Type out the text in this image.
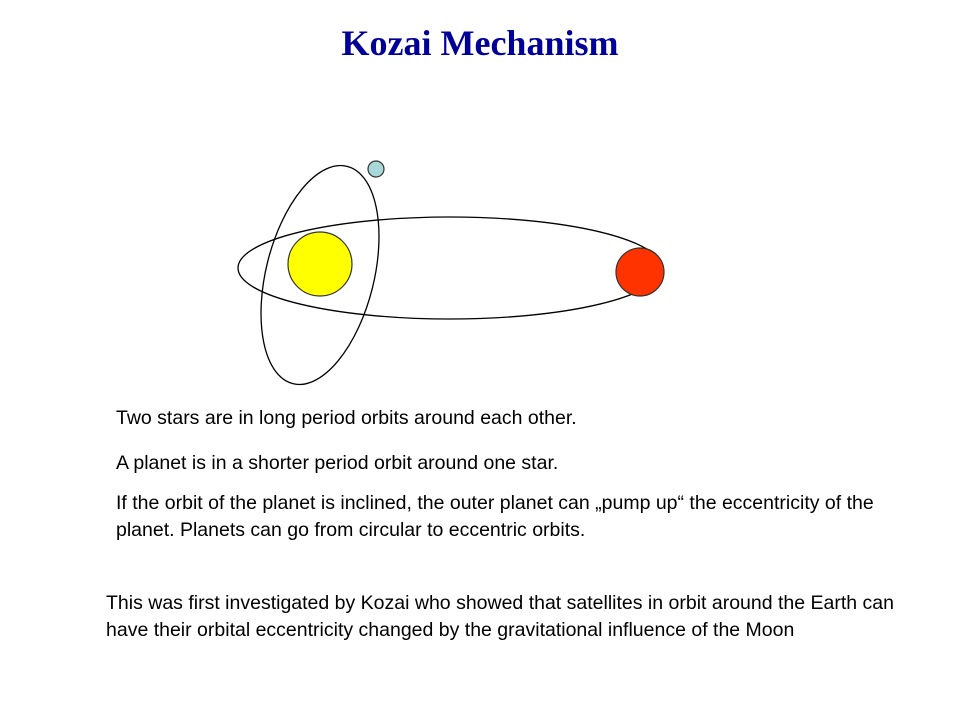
Kozai Mechanism

Two stars are in long period orbits around each other.

A planet is in a shorter period orbit around one star.

If the orbit of the planet is inclined, the outer planet can „pump up“ the eccentricity of the planet. Planets can go from circular to eccentric orbits.

This was first investigated by Kozai who showed that satellites in orbit around the Earth can have their orbital eccentricity changed by the gravitational influence of the Moon
